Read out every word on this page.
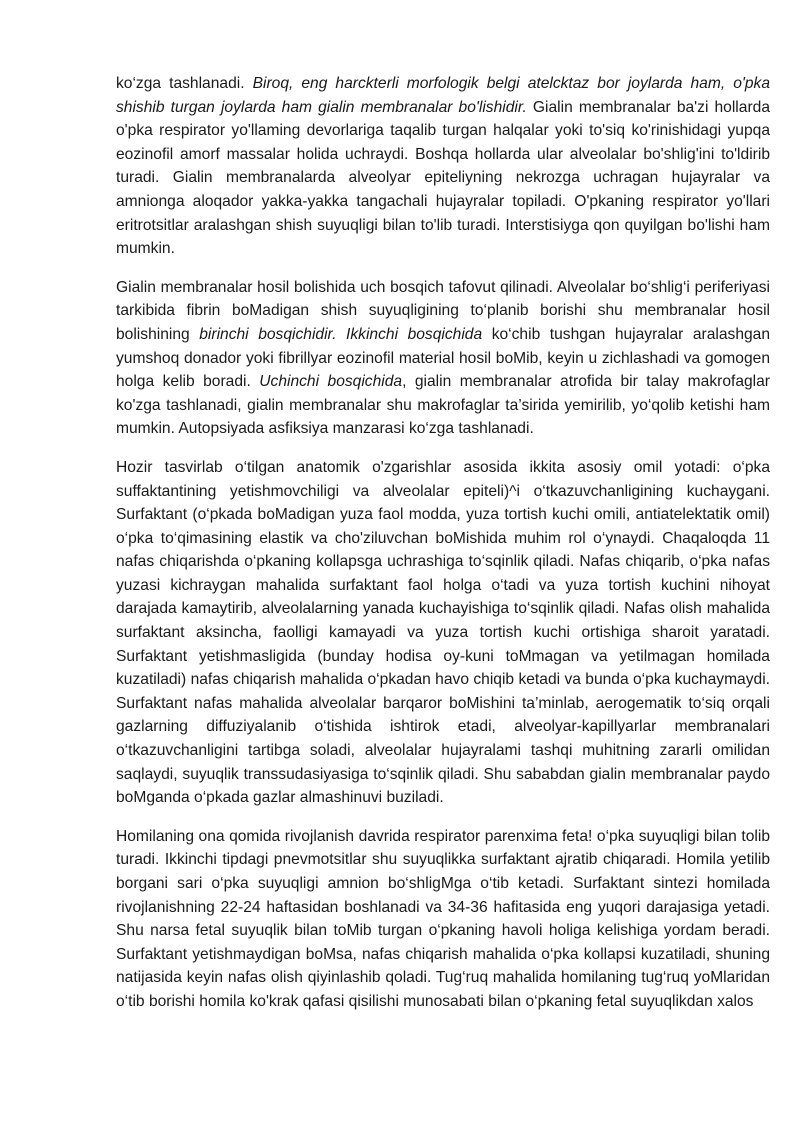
ko‘zga tashlanadi. Biroq, eng harckterli morfologik belgi atelcktaz bor joylarda ham, o'pka shishib turgan joylarda ham gialin membranalar bo'lishidir. Gialin membranalar ba'zi hollarda o'pka respirator yo'llaming devorlariga taqalib turgan halqalar yoki to'siq ko'rinishidagi yupqa eozinofil amorf massalar holida uchraydi. Boshqa hollarda ular alveolalar bo'shlig'ini to'ldirib turadi. Gialin membranalarda alveolyar epiteliyning nekrozga uchragan hujayralar va amnionga aloqador yakka-yakka tangachali hujayralar topiladi. O'pkaning respirator yo'llari eritrotsitlar aralashgan shish suyuqligi bilan to'lib turadi. Interstisiyga qon quyilgan bo'lishi ham mumkin.

Gialin membranalar hosil bolishida uch bosqich tafovut qilinadi. Alveolalar bo‘shlig‘i periferiyasi tarkibida fibrin boMadigan shish suyuqligining to‘planib borishi shu membranalar hosil bolishining birinchi bosqichidir. Ikkinchi bosqichida ko‘chib tushgan hujayralar aralashgan yumshoq donador yoki fibrillyar eozinofil material hosil boMib, keyin u zichlashadi va gomogen holga kelib boradi. Uchinchi bosqichida, gialin membranalar atrofida bir talay makrofaglar ko'zga tashlanadi, gialin membranalar shu makrofaglar ta’sirida yemirilib, yo‘qolib ketishi ham mumkin. Autopsiyada asfiksiya manzarasi ko‘zga tashlanadi.

Hozir tasvirlab o‘tilgan anatomik o'zgarishlar asosida ikkita asosiy omil yotadi: o‘pka suffaktantining yetishmovchiligi va alveolalar epiteli)^i o‘tkazuvchanligining kuchaygani. Surfaktant (o‘pkada boMadigan yuza faol modda, yuza tortish kuchi omili, antiatelektatik omil) o‘pka to‘qimasining elastik va cho'ziluvchan boMishida muhim rol o‘ynaydi. Chaqaloqda 11 nafas chiqarishda o‘pkaning kollapsga uchrashiga to‘sqinlik qiladi. Nafas chiqarib, o‘pka nafas yuzasi kichraygan mahalida surfaktant faol holga o‘tadi va yuza tortish kuchini nihoyat darajada kamaytirib, alveolalarning yanada kuchayishiga to‘sqinlik qiladi. Nafas olish mahalida surfaktant aksincha, faolligi kamayadi va yuza tortish kuchi ortishiga sharoit yaratadi. Surfaktant yetishmasligida (bunday hodisa oy-kuni toMmagan va yetilmagan homilada kuzatiladi) nafas chiqarish mahalida o‘pkadan havo chiqib ketadi va bunda o‘pka kuchaymaydi. Surfaktant nafas mahalida alveolalar barqaror boMishini ta’minlab, aerogematik to‘siq orqali gazlarning diffuziyalanib o‘tishida ishtirok etadi, alveolyar-kapillyarlar membranalari o‘tkazuvchanligini tartibga soladi, alveolalar hujayralami tashqi muhitning zararli omilidan saqlaydi, suyuqlik transsudasiyasiga to‘sqinlik qiladi. Shu sababdan gialin membranalar paydo boMganda o‘pkada gazlar almashinuvi buziladi.

Homilaning ona qomida rivojlanish davrida respirator parenxima feta! o‘pka suyuqligi bilan tolib turadi. Ikkinchi tipdagi pnevmotsitlar shu suyuqlikka surfaktant ajratib chiqaradi. Homila yetilib borgani sari o‘pka suyuqligi amnion bo‘shligMga o‘tib ketadi. Surfaktant sintezi homilada rivojlanishning 22-24 haftasidan boshlanadi va 34-36 hafitasida eng yuqori darajasiga yetadi. Shu narsa fetal suyuqlik bilan toMib turgan o‘pkaning havoli holiga kelishiga yordam beradi. Surfaktant yetishmaydigan boMsa, nafas chiqarish mahalida o‘pka kollapsi kuzatiladi, shuning natijasida keyin nafas olish qiyinlashib qoladi. Tug‘ruq mahalida homilaning tug‘ruq yoMlaridan o‘tib borishi homila ko'krak qafasi qisilishi munosabati bilan o‘pkaning fetal suyuqlikdan xalos
